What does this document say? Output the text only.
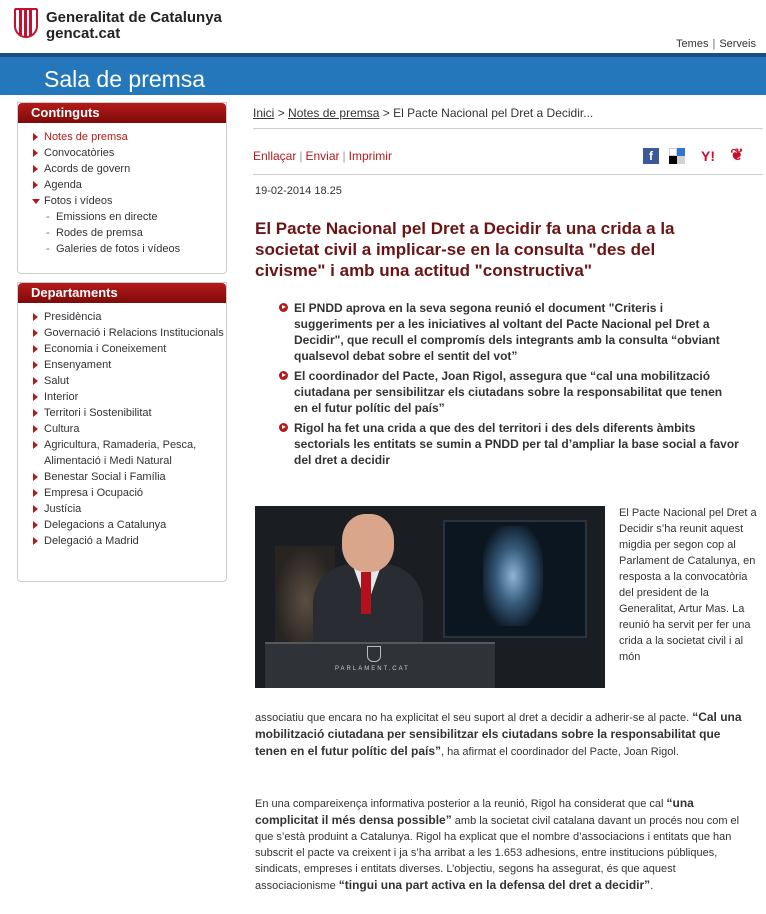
Generalitat de Catalunya
gencat.cat
Temes | Serveis
Sala de premsa
Continguts
Notes de premsa
Convocatòries
Acords de govern
Agenda
Fotos i vídeos
- Emissions en directe
- Rodes de premsa
- Galeries de fotos i vídeos
Departaments
Presidència
Governació i Relacions Institucionals
Economia i Coneixement
Ensenyament
Salut
Interior
Territori i Sostenibilitat
Cultura
Agricultura, Ramaderia, Pesca, Alimentació i Medi Natural
Benestar Social i Família
Empresa i Ocupació
Justícia
Delegacions a Catalunya
Delegació a Madrid
Inici > Notes de premsa > El Pacte Nacional pel Dret a Decidir...
Enllaçar | Enviar | Imprimir	f	Y! ❦
19-02-2014 18.25
El Pacte Nacional pel Dret a Decidir fa una crida a la societat civil a implicar-se en la consulta "des del civisme" i amb una actitud "constructiva"
El PNDD aprova en la seva segona reunió el document "Criteris i suggeriments per a les iniciatives al voltant del Pacte Nacional pel Dret a Decidir", que recull el compromís dels integrants amb la consulta “obviant qualsevol debat sobre el sentit del vot”
El coordinador del Pacte, Joan Rigol, assegura que “cal una mobilització ciutadana per sensibilitzar els ciutadans sobre la responsabilitat que tenen en el futur polític del país”
Rigol ha fet una crida a que des del territori i des dels diferents àmbits sectorials les entitats se sumin a PNDD per tal d’ampliar la base social a favor del dret a decidir
PARLAMENT.CAT
El Pacte Nacional pel Dret a Decidir s’ha reunit aquest migdia per segon cop al Parlament de Catalunya, en resposta a la convocatòria del president de la Generalitat, Artur Mas. La reunió ha servit per fer una crida a la societat civil i al món
associatiu que encara no ha explicitat el seu suport al dret a decidir a adherir-se al pacte. “Cal una mobilització ciutadana per sensibilitzar els ciutadans sobre la responsabilitat que tenen en el futur polític del país”, ha afirmat el coordinador del Pacte, Joan Rigol.
En una compareixença informativa posterior a la reunió, Rigol ha considerat que cal “una complicitat il més densa possible” amb la societat civil catalana davant un procés nou com el que s’està produint a Catalunya. Rigol ha explicat que el nombre d’associacions i entitats que han subscrit el pacte va creixent i ja s’ha arribat a les 1.653 adhesions, entre institucions públiques, sindicats, empreses i entitats diverses. L’objectiu, segons ha assegurat, és que aquest associacionisme “tingui una part activa en la defensa del dret a decidir”.
